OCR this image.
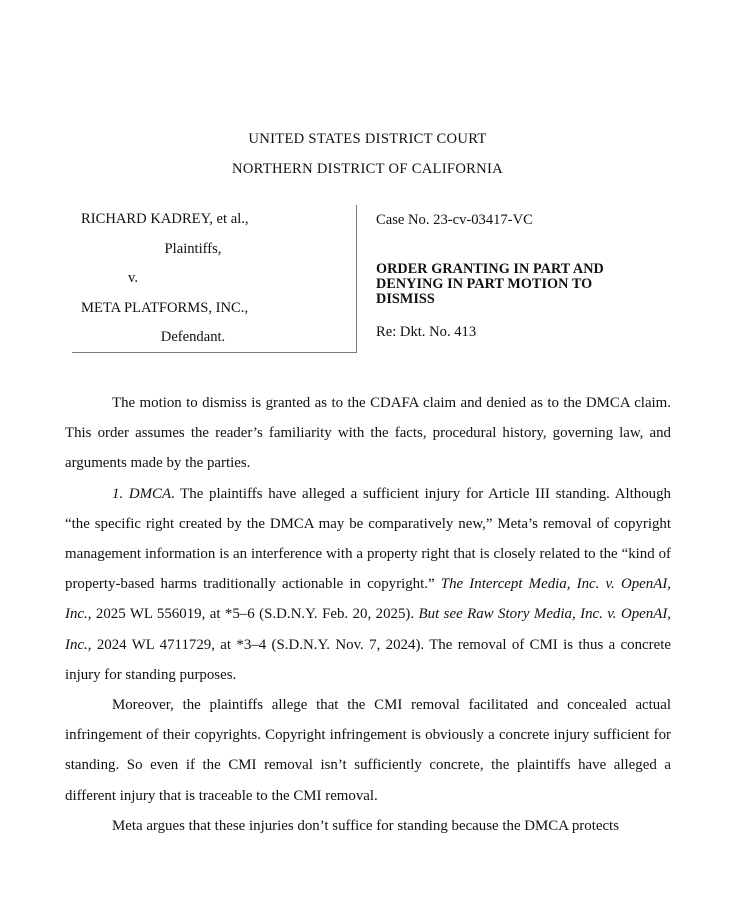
UNITED STATES DISTRICT COURT
NORTHERN DISTRICT OF CALIFORNIA
RICHARD KADREY, et al.,
Plaintiffs,
v.
META PLATFORMS, INC.,
Defendant.
Case No. 23-cv-03417-VC
ORDER GRANTING IN PART AND
DENYING IN PART MOTION TO
DISMISS
Re: Dkt. No. 413

The motion to dismiss is granted as to the CDAFA claim and denied as to the DMCA claim. This order assumes the reader’s familiarity with the facts, procedural history, governing law, and arguments made by the parties.

1. DMCA. The plaintiffs have alleged a sufficient injury for Article III standing. Although “the specific right created by the DMCA may be comparatively new,” Meta’s removal of copyright management information is an interference with a property right that is closely related to the “kind of property-based harms traditionally actionable in copyright.” The Intercept Media, Inc. v. OpenAI, Inc., 2025 WL 556019, at *5–6 (S.D.N.Y. Feb. 20, 2025). But see Raw Story Media, Inc. v. OpenAI, Inc., 2024 WL 4711729, at *3–4 (S.D.N.Y. Nov. 7, 2024). The removal of CMI is thus a concrete injury for standing purposes.

Moreover, the plaintiffs allege that the CMI removal facilitated and concealed actual infringement of their copyrights. Copyright infringement is obviously a concrete injury sufficient for standing. So even if the CMI removal isn’t sufficiently concrete, the plaintiffs have alleged a different injury that is traceable to the CMI removal.

Meta argues that these injuries don’t suffice for standing because the DMCA protects
